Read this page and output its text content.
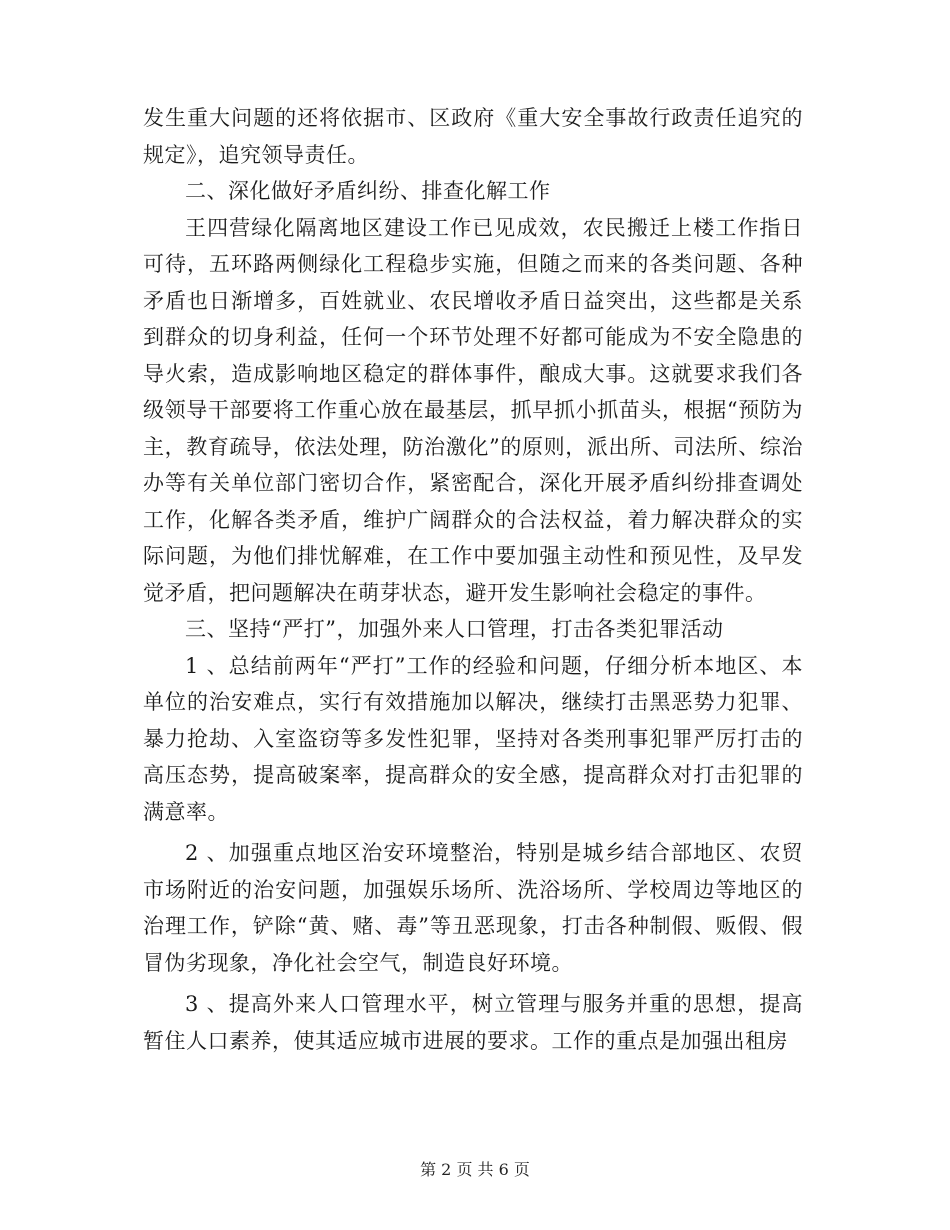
发生重大问题的还将依据市、区政府《重大安全事故行政责任追究的规定》，追究领导责任。

二、深化做好矛盾纠纷、排查化解工作

王四营绿化隔离地区建设工作已见成效，农民搬迁上楼工作指日可待，五环路两侧绿化工程稳步实施，但随之而来的各类问题、各种矛盾也日渐增多，百姓就业、农民增收矛盾日益突出，这些都是关系到群众的切身利益，任何一个环节处理不好都可能成为不安全隐患的导火索，造成影响地区稳定的群体事件，酿成大事。这就要求我们各级领导干部要将工作重心放在最基层，抓早抓小抓苗头，根据“预防为主，教育疏导，依法处理，防治激化”的原则，派出所、司法所、综治办等有关单位部门密切合作，紧密配合，深化开展矛盾纠纷排查调处工作，化解各类矛盾，维护广阔群众的合法权益，着力解决群众的实际问题，为他们排忧解难，在工作中要加强主动性和预见性，及早发觉矛盾，把问题解决在萌芽状态，避开发生影响社会稳定的事件。

三、坚持“严打”，加强外来人口管理，打击各类犯罪活动

1 、总结前两年“严打”工作的经验和问题，仔细分析本地区、本单位的治安难点，实行有效措施加以解决，继续打击黑恶势力犯罪、暴力抢劫、入室盗窃等多发性犯罪，坚持对各类刑事犯罪严厉打击的高压态势，提高破案率，提高群众的安全感，提高群众对打击犯罪的满意率。

2 、加强重点地区治安环境整治，特别是城乡结合部地区、农贸市场附近的治安问题，加强娱乐场所、洗浴场所、学校周边等地区的治理工作，铲除“黄、赌、毒”等丑恶现象，打击各种制假、贩假、假冒伪劣现象，净化社会空气，制造良好环境。

3 、提高外来人口管理水平，树立管理与服务并重的思想，提高暂住人口素养，使其适应城市进展的要求。工作的重点是加强出租房

第 2 页 共 6 页
